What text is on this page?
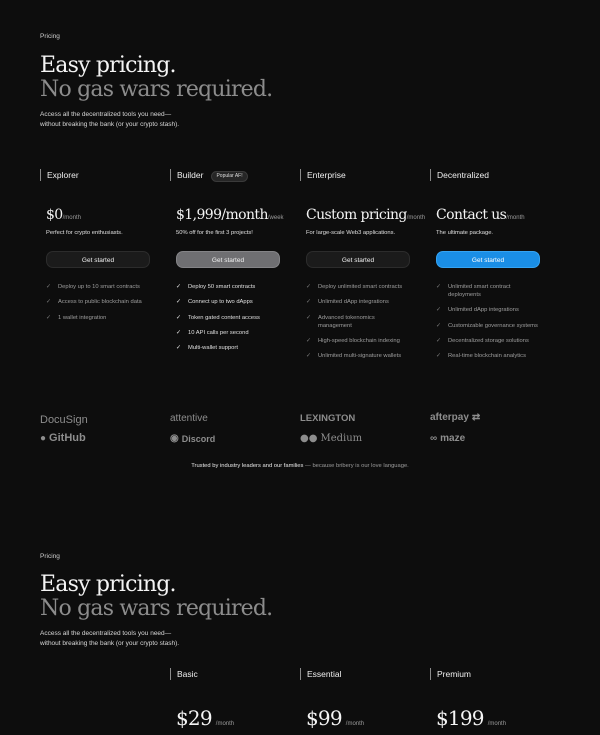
Pricing
Easy pricing.
No gas wars required.
Access all the decentralized tools you need—
without breaking the bank (or your crypto stash).
Explorer
$0/month
Perfect for crypto enthusiasts.
Get started
✓	Deploy up to 10 smart contracts
✓	Access to public blockchain data
✓	1 wallet integration
Builder	Popular AF!
$1,999/month/week
50% off for the first 3 projects!
Get started
✓	Deploy 50 smart contracts
✓	Connect up to two dApps
✓	Token gated content access
✓	10 API calls per second
✓	Multi-wallet support
Enterprise
Custom pricing/month
For large-scale Web3 applications.
Get started
✓	Deploy unlimited smart contracts
✓	Unlimited dApp integrations
✓	Advanced tokenomics management
✓	High-speed blockchain indexing
✓	Unlimited multi-signature wallets
Decentralized
Contact us/month
The ultimate package.
Get started
✓	Unlimited smart contract deployments
✓	Unlimited dApp integrations
✓	Customizable governance systems
✓	Decentralized storage solutions
✓	Real-time blockchain analytics
DocuSign	attentive	LEXINGTON	afterpay ⇄
● GitHub	◉ Discord	●● Medium	∞ maze
Trusted by industry leaders and our families — because bribery is our love language.
Pricing
Easy pricing.
No gas wars required.
Access all the decentralized tools you need—
without breaking the bank (or your crypto stash).
Basic
$29 /month
Essential
$99 /month
Premium
$199 /month
